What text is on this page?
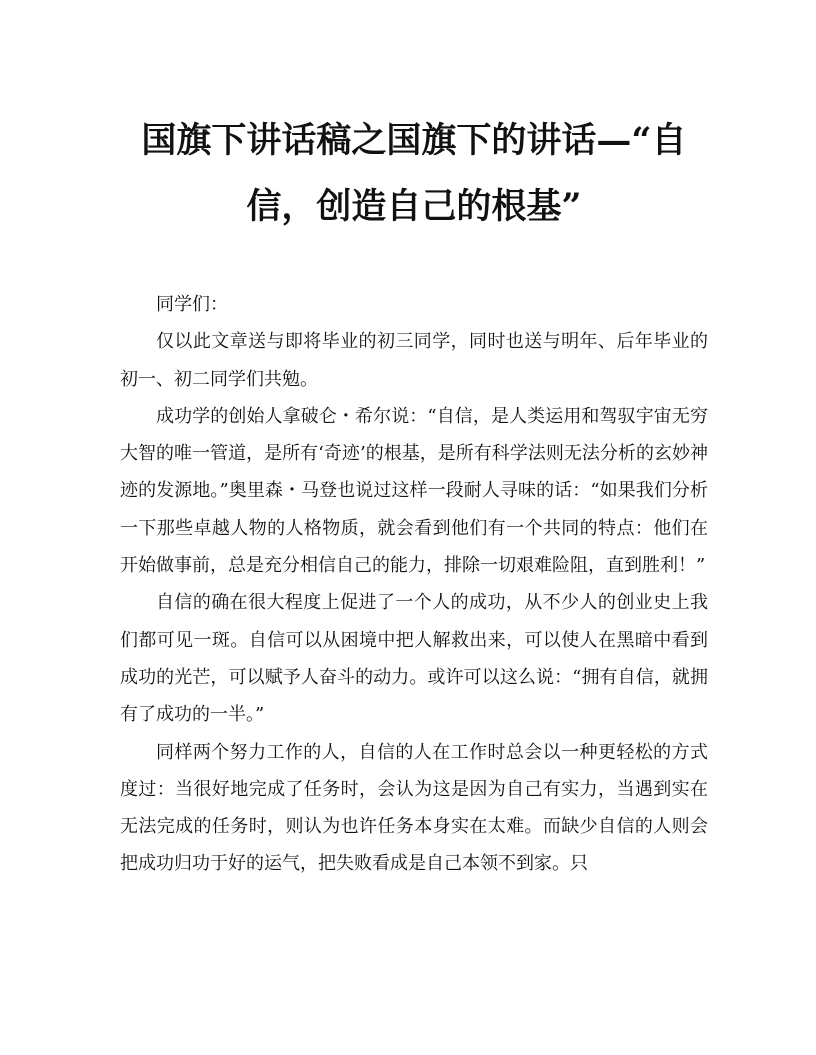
国旗下讲话稿之国旗下的讲话—“自信，创造自己的根基”

同学们：

仅以此文章送与即将毕业的初三同学，同时也送与明年、后年毕业的初一、初二同学们共勉。

成功学的创始人拿破仑・希尔说：“自信，是人类运用和驾驭宇宙无穷大智的唯一管道，是所有‘奇迹’的根基，是所有科学法则无法分析的玄妙神迹的发源地。”奥里森・马登也说过这样一段耐人寻味的话：“如果我们分析一下那些卓越人物的人格物质，就会看到他们有一个共同的特点：他们在开始做事前，总是充分相信自己的能力，排除一切艰难险阻，直到胜利！”

自信的确在很大程度上促进了一个人的成功，从不少人的创业史上我们都可见一斑。自信可以从困境中把人解救出来，可以使人在黑暗中看到成功的光芒，可以赋予人奋斗的动力。或许可以这么说：“拥有自信，就拥有了成功的一半。”

同样两个努力工作的人，自信的人在工作时总会以一种更轻松的方式度过：当很好地完成了任务时，会认为这是因为自己有实力，当遇到实在无法完成的任务时，则认为也许任务本身实在太难。而缺少自信的人则会把成功归功于好的运气，把失败看成是自己本领不到家。只
